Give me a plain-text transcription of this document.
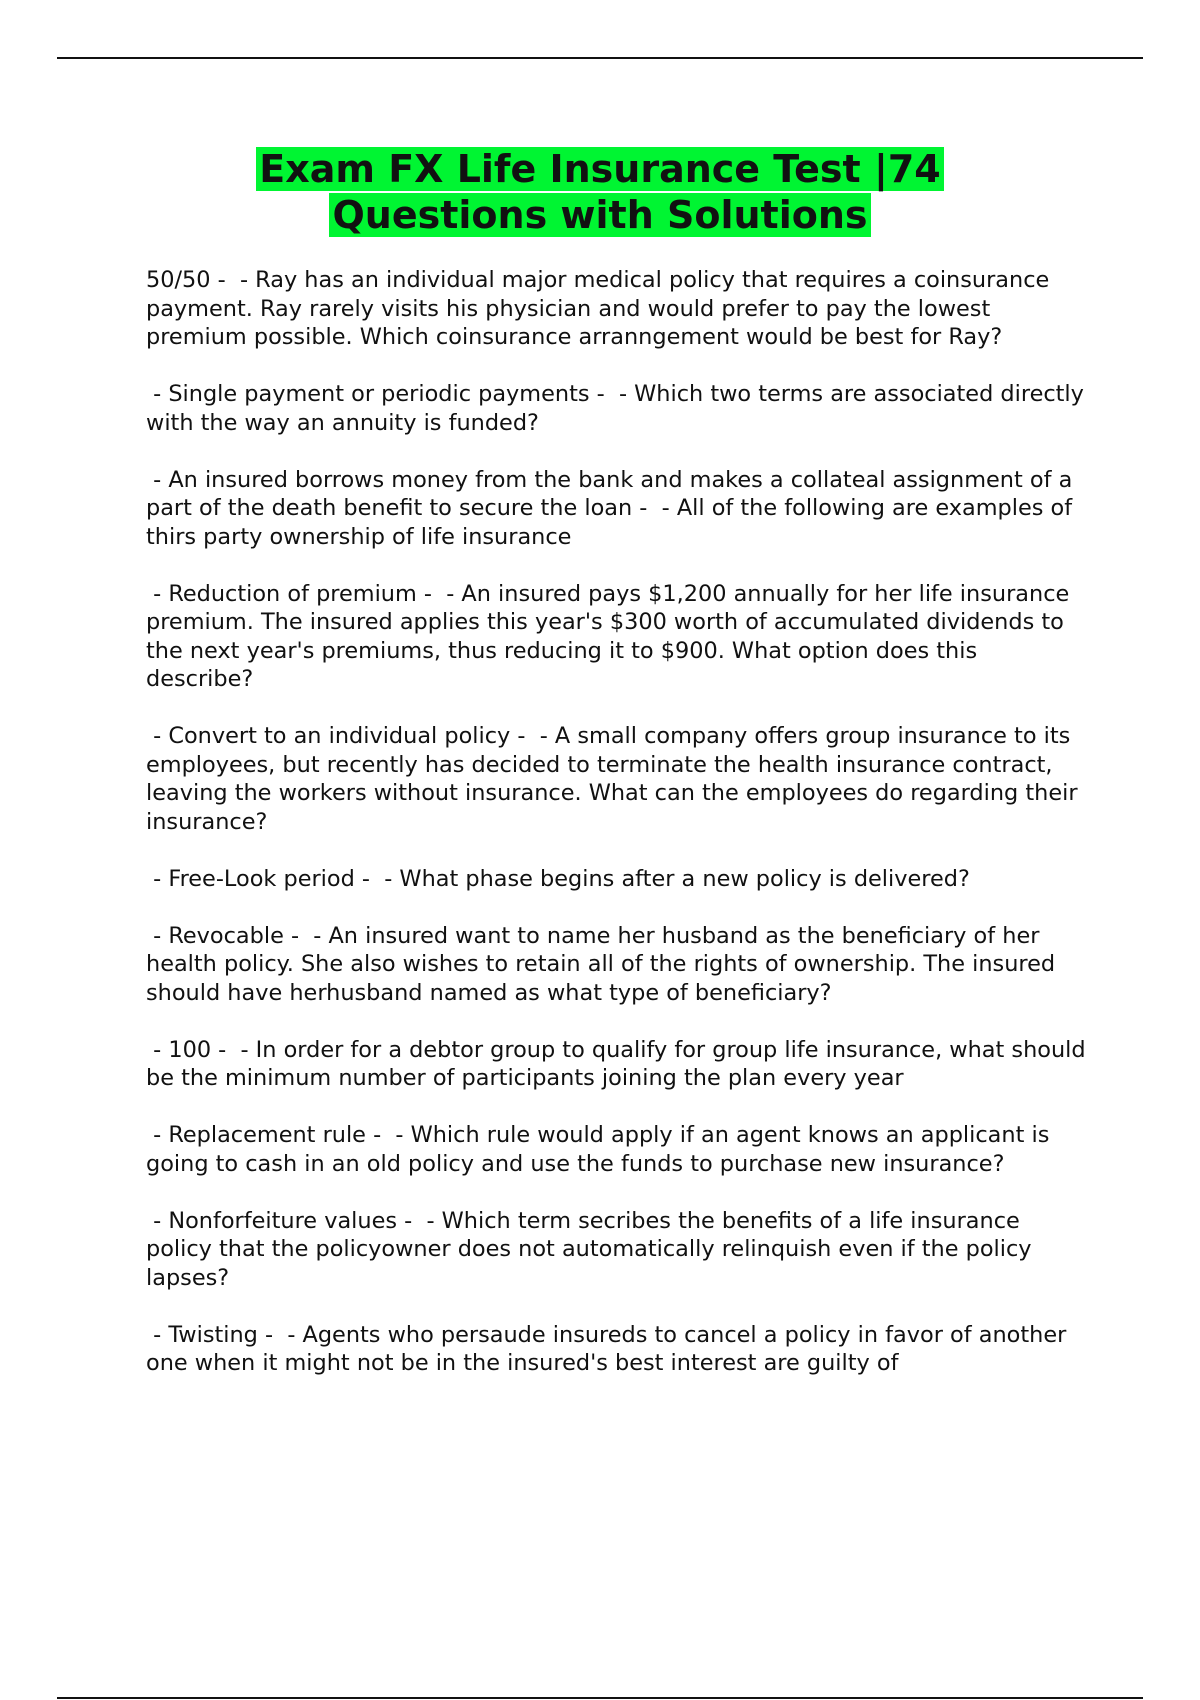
Exam FX Life Insurance Test |74
Questions with Solutions

50/50 -  - Ray has an individual major medical policy that requires a coinsurance payment. Ray rarely visits his physician and would prefer to pay the lowest premium possible. Which coinsurance arranngement would be best for Ray?

- Single payment or periodic payments -  - Which two terms are associated directly with the way an annuity is funded?

- An insured borrows money from the bank and makes a collateal assignment of a part of the death benefit to secure the loan -  - All of the following are examples of thirs party ownership of life insurance

- Reduction of premium -  - An insured pays $1,200 annually for her life insurance premium. The insured applies this year's $300 worth of accumulated dividends to the next year's premiums, thus reducing it to $900. What option does this describe?

- Convert to an individual policy -  - A small company offers group insurance to its employees, but recently has decided to terminate the health insurance contract, leaving the workers without insurance. What can the employees do regarding their insurance?

- Free-Look period -  - What phase begins after a new policy is delivered?

- Revocable -  - An insured want to name her husband as the beneficiary of her health policy. She also wishes to retain all of the rights of ownership. The insured should have herhusband named as what type of beneficiary?

- 100 -  - In order for a debtor group to qualify for group life insurance, what should be the minimum number of participants joining the plan every year

- Replacement rule -  - Which rule would apply if an agent knows an applicant is going to cash in an old policy and use the funds to purchase new insurance?

- Nonforfeiture values -  - Which term secribes the benefits of a life insurance policy that the policyowner does not automatically relinquish even if the policy lapses?

- Twisting -  - Agents who persaude insureds to cancel a policy in favor of another one when it might not be in the insured's best interest are guilty of
